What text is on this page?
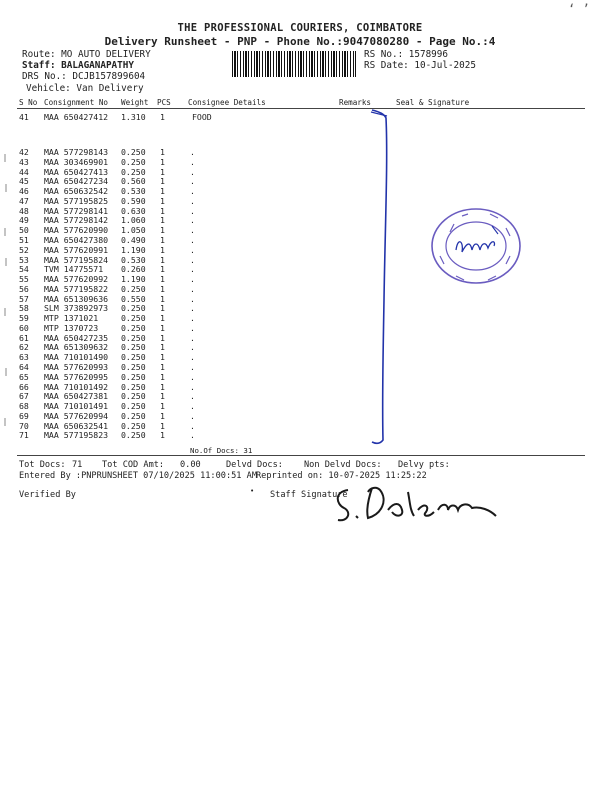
‘ ’
THE PROFESSIONAL COURIERS, COIMBATORE
Delivery Runsheet - PNP - Phone No.:9047080280 - Page No.:4
Route: MO AUTO DELIVERY
Staff: BALAGANAPATHY
DRS No.: DCJB157899604
Vehicle: Van Delivery
RS No.: 1578996
RS Date: 10-Jul-2025
S No Consignment No Weight PCS Consignee Details	Remarks	Seal & Signature
41 MAA 650427412 1.310 1	FOOD
42 MAA 577298143 0.250 1	.
43 MAA 303469901 0.250 1	.
44 MAA 650427413 0.250 1	.
45 MAA 650427234 0.560 1	.
46 MAA 650632542 0.530 1	.
47 MAA 577195825 0.590 1	.
48 MAA 577298141 0.630 1	.
49 MAA 577298142 1.060 1	.
50 MAA 577620990 1.050 1	.
51 MAA 650427380 0.490 1	.
52 MAA 577620991 1.190 1	.
53 MAA 577195824 0.530 1	.
54 TVM 14775571 0.260 1	.
55 MAA 577620992 1.190 1	.
56 MAA 577195822 0.250 1	.
57 MAA 651309636 0.550 1	.
58 SLM 373892973 0.250 1	.
59 MTP 1371021	0.250 1	.
60 MTP 1370723	0.250 1	.
61 MAA 650427235 0.250 1	.
62 MAA 651309632 0.250 1	.
63 MAA 710101490 0.250 1	.
64 MAA 577620993 0.250 1	.
65 MAA 577620995 0.250 1	.
66 MAA 710101492 0.250 1	.
67 MAA 650427381 0.250 1	.
68 MAA 710101491 0.250 1	.
69 MAA 577620994 0.250 1	.
70 MAA 650632541 0.250 1	.
71 MAA 577195823 0.250 1	.
No.Of Docs: 31
Tot Docs: 71 Tot COD Amt: 0.00	Delvd Docs: Non Delvd Docs: Delvy pts:
Entered By :PNPRUNSHEET 07/10/2025 11:00:51 AM Reprinted on: 10-07-2025 11:25:22
Verified By	• Staff Signature
